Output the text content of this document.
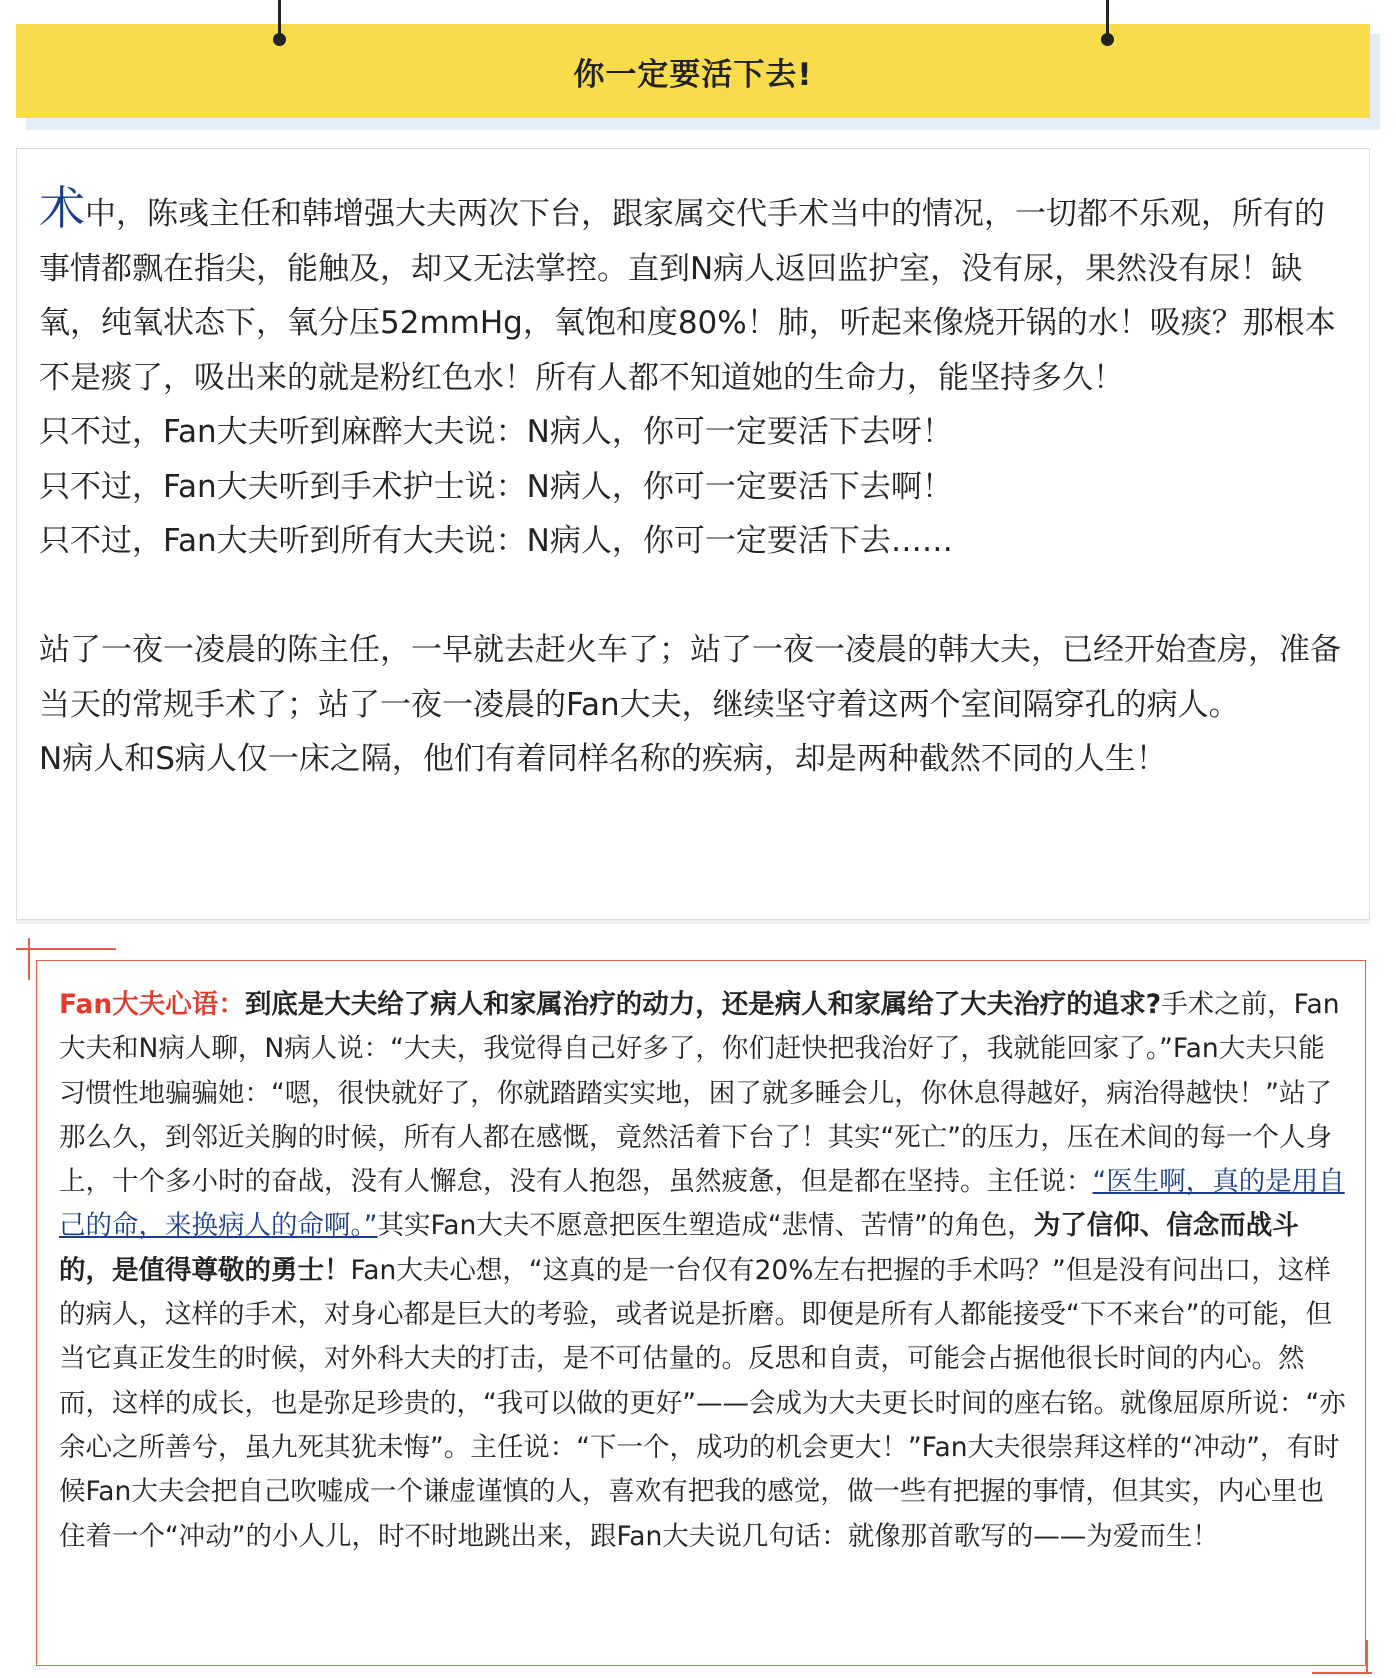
你一定要活下去!

术中，陈彧主任和韩增强大夫两次下台，跟家属交代手术当中的情况，一切都不乐观，所有的事情都飘在指尖，能触及，却又无法掌控。直到N病人返回监护室，没有尿，果然没有尿！缺氧，纯氧状态下，氧分压52mmHg，氧饱和度80%！肺，听起来像烧开锅的水！吸痰？那根本不是痰了，吸出来的就是粉红色水！所有人都不知道她的生命力，能坚持多久！

只不过，Fan大夫听到麻醉大夫说：N病人，你可一定要活下去呀！

只不过，Fan大夫听到手术护士说：N病人，你可一定要活下去啊！

只不过，Fan大夫听到所有大夫说：N病人，你可一定要活下去……

站了一夜一凌晨的陈主任，一早就去赶火车了；站了一夜一凌晨的韩大夫，已经开始查房，准备当天的常规手术了；站了一夜一凌晨的Fan大夫，继续坚守着这两个室间隔穿孔的病人。

N病人和S病人仅一床之隔，他们有着同样名称的疾病，却是两种截然不同的人生！

Fan大夫心语：到底是大夫给了病人和家属治疗的动力，还是病人和家属给了大夫治疗的追求?手术之前，Fan大夫和N病人聊，N病人说：“大夫，我觉得自己好多了，你们赶快把我治好了，我就能回家了。”Fan大夫只能习惯性地骗骗她：“嗯，很快就好了，你就踏踏实实地，困了就多睡会儿，你休息得越好，病治得越快！”站了那么久，到邻近关胸的时候，所有人都在感慨，竟然活着下台了！其实“死亡”的压力，压在术间的每一个人身上，十个多小时的奋战，没有人懈怠，没有人抱怨，虽然疲惫，但是都在坚持。主任说：“医生啊，真的是用自己的命，来换病人的命啊。”其实Fan大夫不愿意把医生塑造成“悲情、苦情”的角色，为了信仰、信念而战斗的，是值得尊敬的勇士！Fan大夫心想，“这真的是一台仅有20%左右把握的手术吗？”但是没有问出口，这样的病人，这样的手术，对身心都是巨大的考验，或者说是折磨。即便是所有人都能接受“下不来台”的可能，但当它真正发生的时候，对外科大夫的打击，是不可估量的。反思和自责，可能会占据他很长时间的内心。然而，这样的成长，也是弥足珍贵的，“我可以做的更好”——会成为大夫更长时间的座右铭。就像屈原所说：“亦余心之所善兮，虽九死其犹未悔”。主任说：“下一个，成功的机会更大！”Fan大夫很崇拜这样的“冲动”，有时候Fan大夫会把自己吹嘘成一个谦虚谨慎的人，喜欢有把我的感觉，做一些有把握的事情，但其实，内心里也住着一个“冲动”的小人儿，时不时地跳出来，跟Fan大夫说几句话：就像那首歌写的——为爱而生！
